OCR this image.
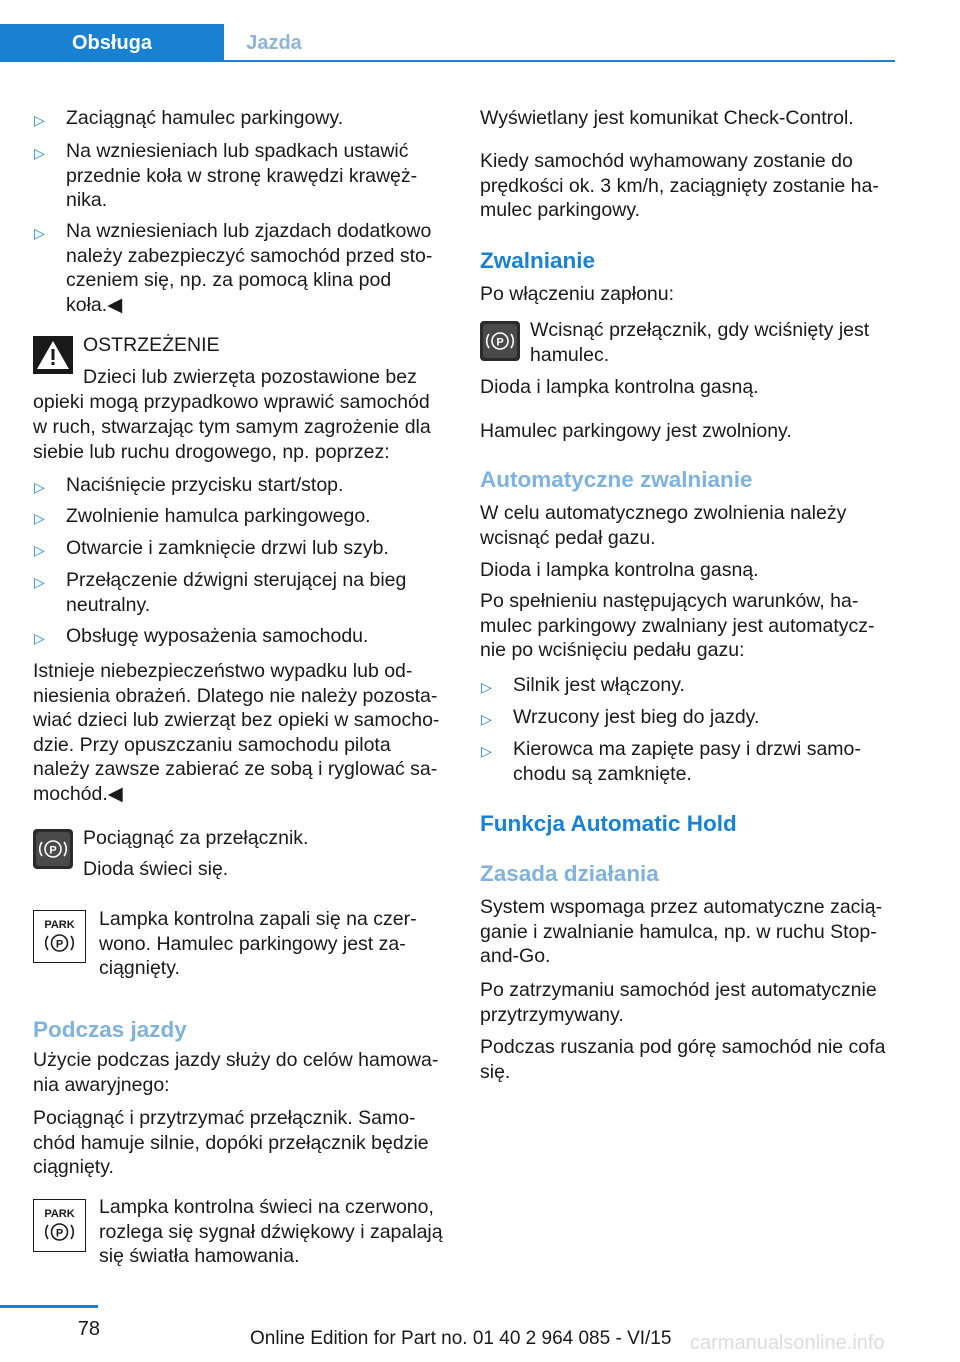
Obsługa	Jazda
▷ Zaciągnąć hamulec parkingowy.
▷ Na wzniesieniach lub spadkach ustawić
przednie koła w stronę krawędzi krawęż-
nika.
▷ Na wzniesieniach lub zjazdach dodatkowo
należy zabezpieczyć samochód przed sto-
czeniem się, np. za pomocą klina pod
koła.◀
OSTRZEŻENIE
Dzieci lub zwierzęta pozostawione bez
opieki mogą przypadkowo wprawić samochód
w ruch, stwarzając tym samym zagrożenie dla
siebie lub ruchu drogowego, np. poprzez:
▷ Naciśnięcie przycisku start/stop.
▷ Zwolnienie hamulca parkingowego.
▷ Otwarcie i zamknięcie drzwi lub szyb.
▷ Przełączenie dźwigni sterującej na bieg
neutralny.
▷ Obsługę wyposażenia samochodu.
Istnieje niebezpieczeństwo wypadku lub od-
niesienia obrażeń. Dlatego nie należy pozosta-
wiać dzieci lub zwierząt bez opieki w samocho-
dzie. Przy opuszczaniu samochodu pilota
należy zawsze zabierać ze sobą i ryglować sa-
mochód.◀
P
Pociągnąć za przełącznik.
Dioda świeci się.
PARK
P
Lampka kontrolna zapali się na czer-
wono. Hamulec parkingowy jest za-
ciągnięty.
Podczas jazdy
Użycie podczas jazdy służy do celów hamowa-
nia awaryjnego:
Pociągnąć i przytrzymać przełącznik. Samo-
chód hamuje silnie, dopóki przełącznik będzie
ciągnięty.
PARK
P
Lampka kontrolna świeci na czerwono,
rozlega się sygnał dźwiękowy i zapalają
się światła hamowania.
Wyświetlany jest komunikat Check-Control.
Kiedy samochód wyhamowany zostanie do
prędkości ok. 3 km/h, zaciągnięty zostanie ha-
mulec parkingowy.
Zwalnianie
Po włączeniu zapłonu:
P
Wcisnąć przełącznik, gdy wciśnięty jest
hamulec.
Dioda i lampka kontrolna gasną.
Hamulec parkingowy jest zwolniony.
Automatyczne zwalnianie
W celu automatycznego zwolnienia należy
wcisnąć pedał gazu.
Dioda i lampka kontrolna gasną.
Po spełnieniu następujących warunków, ha-
mulec parkingowy zwalniany jest automatycz-
nie po wciśnięciu pedału gazu:
▷ Silnik jest włączony.
▷ Wrzucony jest bieg do jazdy.
▷ Kierowca ma zapięte pasy i drzwi samo-
chodu są zamknięte.
Funkcja Automatic Hold
Zasada działania
System wspomaga przez automatyczne zacią-
ganie i zwalnianie hamulca, np. w ruchu Stop-
and-Go.
Po zatrzymaniu samochód jest automatycznie
przytrzymywany.
Podczas ruszania pod górę samochód nie cofa
się.
78	Online Edition for Part no. 01 40 2 964 085 - VI/15 carmanualsonline.info
